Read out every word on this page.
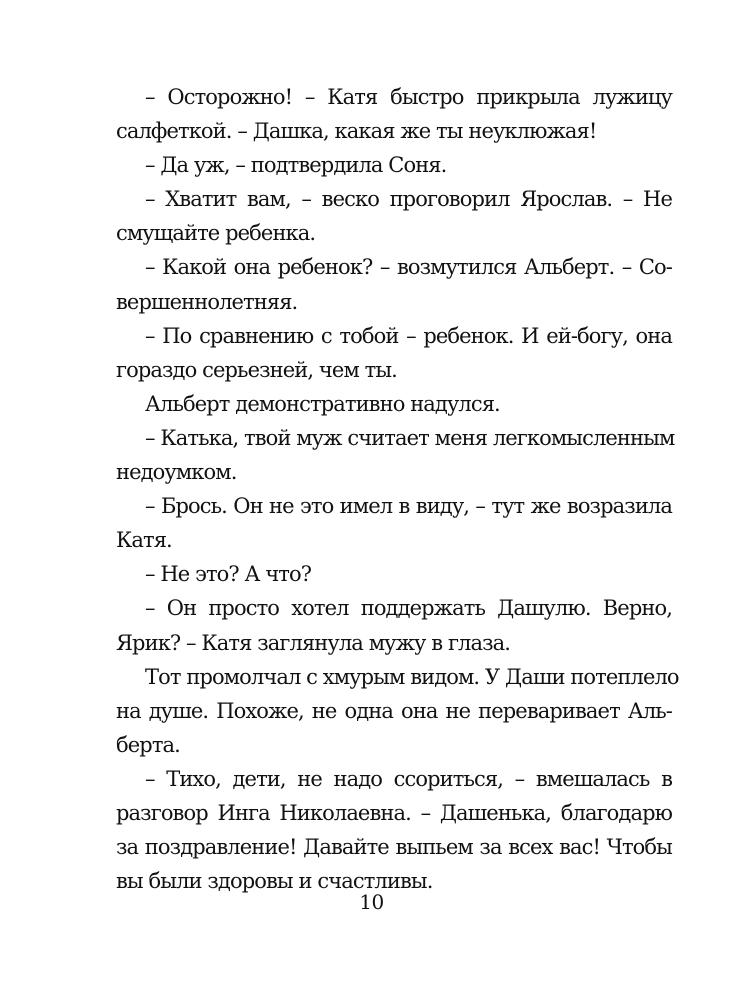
– Осторожно! – Катя быстро прикрыла лужицу
салфеткой. – Дашка, какая же ты неуклюжая!
– Да уж, – подтвердила Соня.
– Хватит вам, – веско проговорил Ярослав. – Не
смущайте ребенка.
– Какой она ребенок? – возмутился Альберт. – Со-
вершеннолетняя.
– По сравнению с тобой – ребенок. И ей-богу, она
гораздо серьезней, чем ты.
Альберт демонстративно надулся.
– Катька, твой муж считает меня легкомысленным
недоумком.
– Брось. Он не это имел в виду, – тут же возразила
Катя.
– Не это? А что?
– Он просто хотел поддержать Дашулю. Верно,
Ярик? – Катя заглянула мужу в глаза.
Тот промолчал с хмурым видом. У Даши потеплело
на душе. Похоже, не одна она не переваривает Аль-
берта.
– Тихо, дети, не надо ссориться, – вмешалась в
разговор Инга Николаевна. – Дашенька, благодарю
за поздравление! Давайте выпьем за всех вас! Чтобы
вы были здоровы и счастливы.
10
